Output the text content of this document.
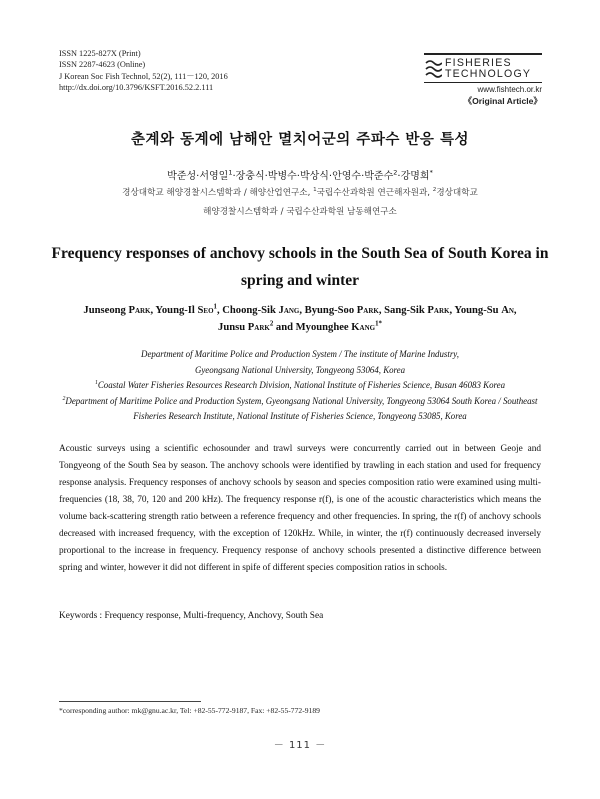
ISSN 1225-827X (Print)
ISSN 2287-4623 (Online)
J Korean Soc Fish Technol, 52(2), 111－120, 2016
http://dx.doi.org/10.3796/KSFT.2016.52.2.111
FISHERIES
TECHNOLOGY
www.fishtech.or.kr
《Original Article》
춘계와 동계에 남해안 멸치어군의 주파수 반응 특성
박준성·서영일$^1$·장충식·박병수·박상식·안영수·박준수$^2$·강명희*
경상대학교 해양경찰시스템학과 / 해양산업연구소, $^1$국립수산과학원 연근해자원과, $^2$경상대학교
해양경찰시스템학과 / 국립수산과학원 남동해연구소
Frequency responses of anchovy schools in the South Sea of South Korea in
spring and winter
Junseong Park, Young-Il Seo$^1$, Choong-Sik Jang, Byung-Soo Park, Sang-Sik Park, Young-Su An,
Junsu Park$^2$ and Myounghee Kang$^{1*}$
Department of Maritime Police and Production System / The institute of Marine Industry,
Gyeongsang National University, Tongyeong 53064, Korea
$^1$Coastal Water Fisheries Resources Research Division, National Institute of Fisheries Science, Busan 46083 Korea
$^2$Department of Maritime Police and Production System, Gyeongsang National University, Tongyeong 53064 South Korea / Southeast
Fisheries Research Institute, National Institute of Fisheries Science, Tongyeong 53085, Korea
Acoustic surveys using a scientific echosounder and trawl surveys were concurrently carried out in between Geoje and Tongyeong of the South Sea by season. The anchovy schools were identified by trawling in each station and used for frequency response analysis. Frequency responses of anchovy schools by season and species composition ratio were examined using multi-frequencies (18, 38, 70, 120 and 200 kHz). The frequency response r(f), is one of the acoustic characteristics which means the volume back-scattering strength ratio between a reference frequency and other frequencies. In spring, the r(f) of anchovy schools decreased with increased frequency, with the exception of 120kHz. While, in winter, the r(f) continuously decreased inversely proportional to the increase in frequency. Frequency response of anchovy schools presented a distinctive difference between spring and winter, however it did not different in spife of different species composition ratios in schools.
Keywords : Frequency response, Multi-frequency, Anchovy, South Sea
*corresponding author: mk@gnu.ac.kr, Tel: +82-55-772-9187, Fax: +82-55-772-9189
－ 111 －
